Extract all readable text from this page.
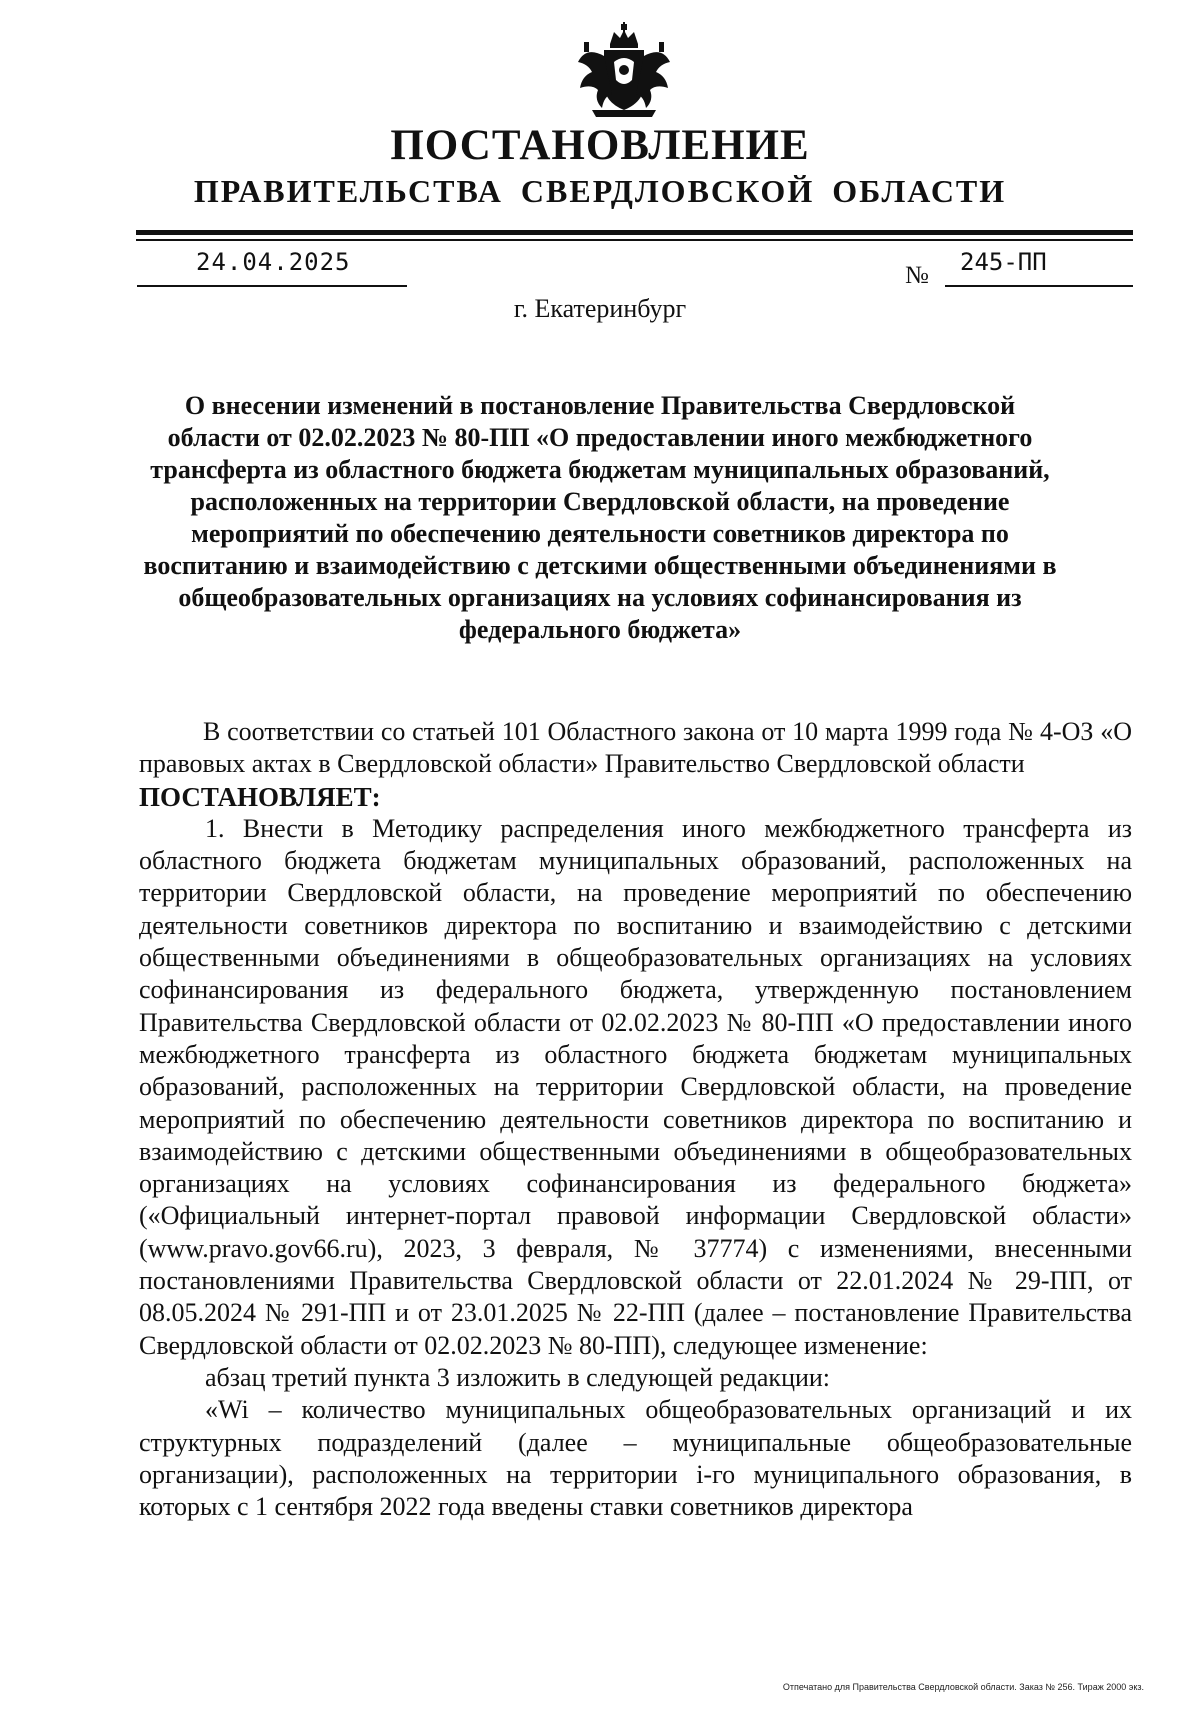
ПОСТАНОВЛЕНИЕ
ПРАВИТЕЛЬСТВА СВЕРДЛОВСКОЙ ОБЛАСТИ
24.04.2025	№ 245-ПП
г. Екатеринбург
О внесении изменений в постановление Правительства Свердловской области от 02.02.2023 № 80-ПП «О предоставлении иного межбюджетного трансферта из областного бюджета бюджетам муниципальных образований, расположенных на территории Свердловской области, на проведение мероприятий по обеспечению деятельности советников директора по воспитанию и взаимодействию с детскими общественными объединениями в общеобразовательных организациях на условиях софинансирования из федерального бюджета»

В соответствии со статьей 101 Областного закона от 10 марта 1999 года № 4-ОЗ «О правовых актах в Свердловской области» Правительство Свердловской области

ПОСТАНОВЛЯЕТ:

1. Внести в Методику распределения иного межбюджетного трансферта из областного бюджета бюджетам муниципальных образований, расположенных на территории Свердловской области, на проведение мероприятий по обеспечению деятельности советников директора по воспитанию и взаимодействию с детскими общественными объединениями в общеобразовательных организациях на условиях софинансирования из федерального бюджета, утвержденную постановлением Правительства Свердловской области от 02.02.2023 № 80-ПП «О предоставлении иного межбюджетного трансферта из областного бюджета бюджетам муниципальных образований, расположенных на территории Свердловской области, на проведение мероприятий по обеспечению деятельности советников директора по воспитанию и взаимодействию с детскими общественными объединениями в общеобразовательных организациях на условиях софинансирования из федерального бюджета» («Официальный интернет-портал правовой информации Свердловской области» (www.pravo.gov66.ru), 2023, 3 февраля, № 37774) с изменениями, внесенными постановлениями Правительства Свердловской области от 22.01.2024 № 29-ПП, от 08.05.2024 № 291-ПП и от 23.01.2025 № 22-ПП (далее – постановление Правительства Свердловской области от 02.02.2023 № 80-ПП), следующее изменение:

абзац третий пункта 3 изложить в следующей редакции:

«Wi – количество муниципальных общеобразовательных организаций и их структурных подразделений (далее – муниципальные общеобразовательные организации), расположенных на территории i-го муниципального образования, в которых с 1 сентября 2022 года введены ставки советников директора

Отпечатано для Правительства Свердловской области. Заказ № 256. Тираж 2000 экз.
